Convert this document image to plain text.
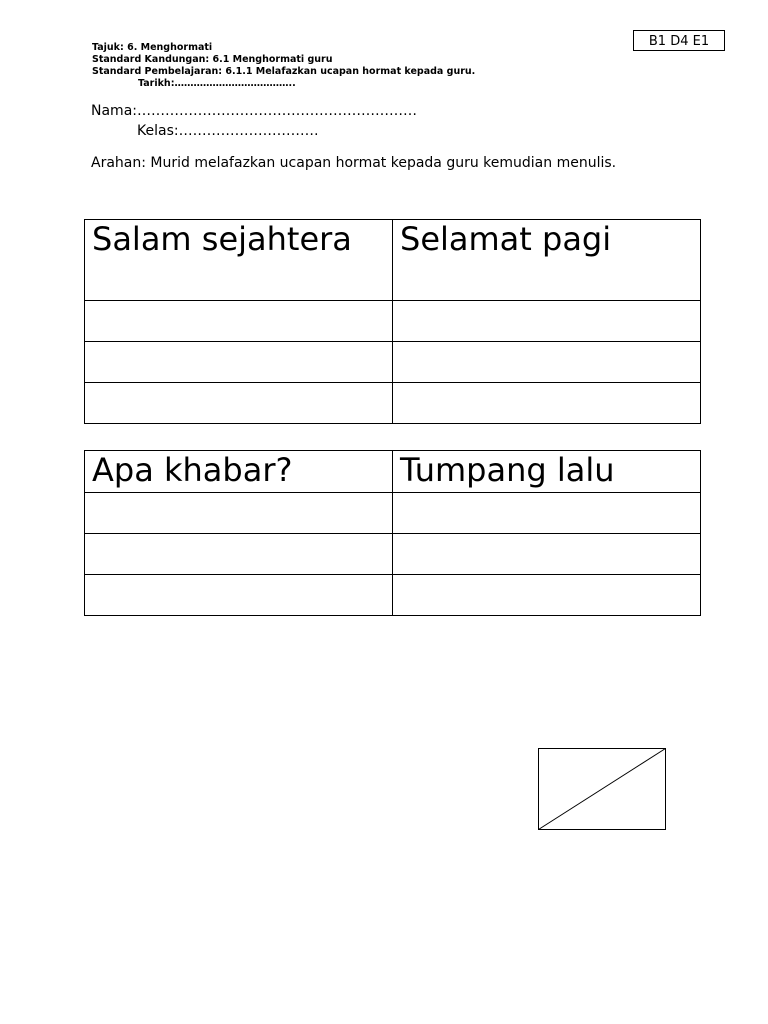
B1 D4 E1
Tajuk: 6. Menghormati
Standard Kandungan: 6.1 Menghormati guru
Standard Pembelajaran: 6.1.1 Melafazkan ucapan hormat kepada guru.
Tarikh:………………………………..
Nama:……………………………………………………
Kelas:…………………………
Arahan: Murid melafazkan ucapan hormat kepada guru kemudian menulis.
Salam sejahtera	Selamat pagi

Apa khabar?	Tumpang lalu
